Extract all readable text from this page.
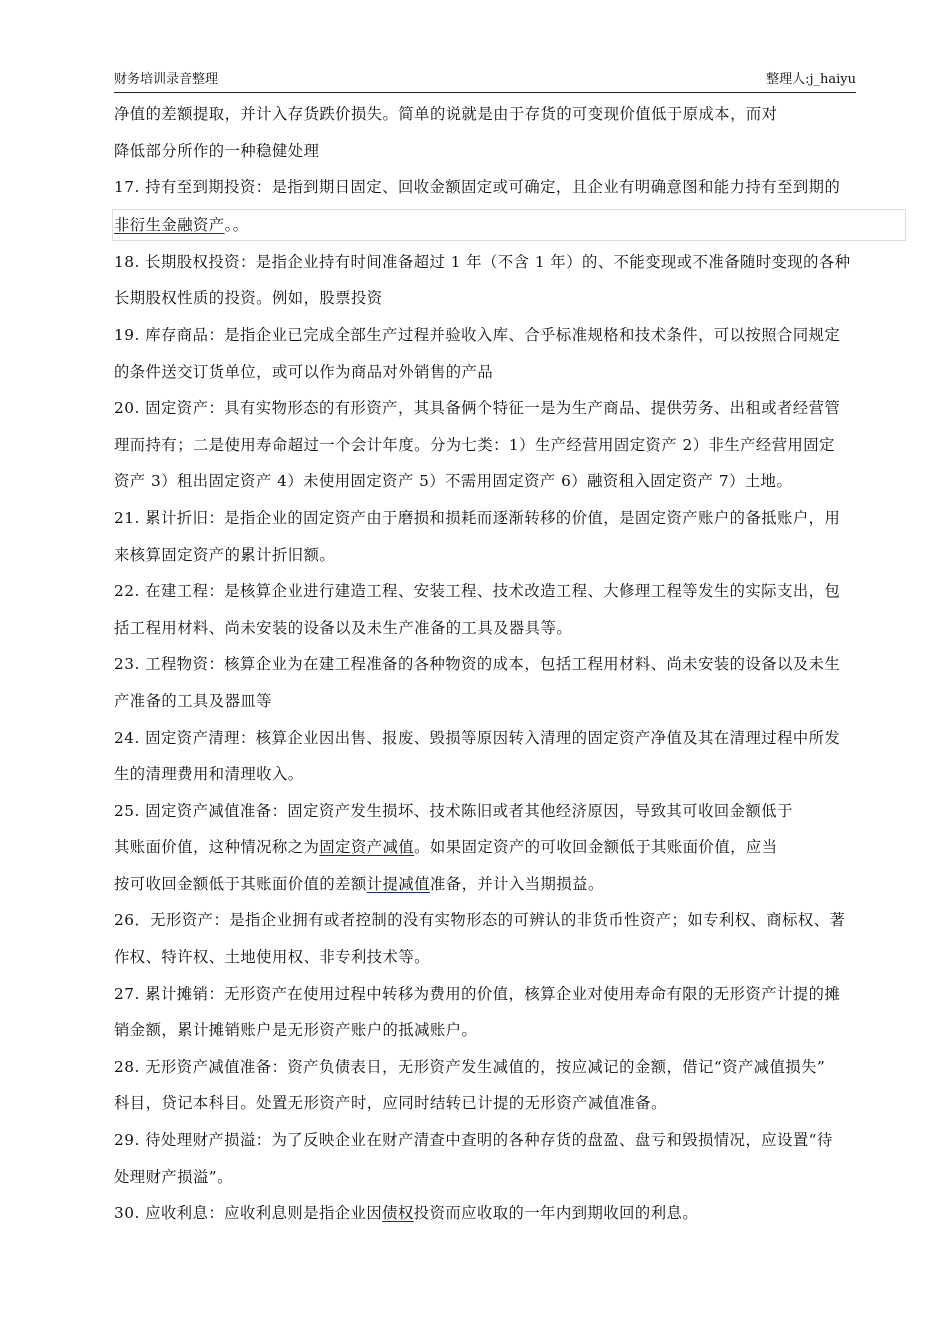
财务培训录音整理	整理人:j_haiyu
净值的差额提取，并计入存货跌价损失。简单的说就是由于存货的可变现价值低于原成本，而对
降低部分所作的一种稳健处理
17. 持有至到期投资：是指到期日固定、回收金额固定或可确定，且企业有明确意图和能力持有至到期的
非衍生金融资产。。
18. 长期股权投资：是指企业持有时间准备超过 1 年（不含 1 年）的、不能变现或不准备随时变现的各种
长期股权性质的投资。例如，股票投资
19. 库存商品：是指企业已完成全部生产过程并验收入库、合乎标准规格和技术条件，可以按照合同规定
的条件送交订货单位，或可以作为商品对外销售的产品
20. 固定资产：具有实物形态的有形资产，其具备俩个特征一是为生产商品、提供劳务、出租或者经营管
理而持有；二是使用寿命超过一个会计年度。分为七类：1）生产经营用固定资产 2）非生产经营用固定
资产 3）租出固定资产 4）未使用固定资产 5）不需用固定资产 6）融资租入固定资产 7）土地。
21. 累计折旧：是指企业的固定资产由于磨损和损耗而逐渐转移的价值，是固定资产账户的备抵账户，用
来核算固定资产的累计折旧额。
22. 在建工程：是核算企业进行建造工程、安装工程、技术改造工程、大修理工程等发生的实际支出，包
括工程用材料、尚未安装的设备以及未生产准备的工具及器具等。
23. 工程物资：核算企业为在建工程准备的各种物资的成本，包括工程用材料、尚未安装的设备以及未生
产准备的工具及器皿等
24. 固定资产清理：核算企业因出售、报废、毁损等原因转入清理的固定资产净值及其在清理过程中所发
生的清理费用和清理收入。
25. 固定资产减值准备：固定资产发生损坏、技术陈旧或者其他经济原因，导致其可收回金额低于
其账面价值，这种情况称之为固定资产减值。如果固定资产的可收回金额低于其账面价值，应当
按可收回金额低于其账面价值的差额计提减值准备，并计入当期损益。
26．无形资产：是指企业拥有或者控制的没有实物形态的可辨认的非货币性资产；如专利权、商标权、著
作权、特许权、土地使用权、非专利技术等。
27. 累计摊销：无形资产在使用过程中转移为费用的价值，核算企业对使用寿命有限的无形资产计提的摊
销金额，累计摊销账户是无形资产账户的抵减账户。
28. 无形资产减值准备：资产负债表日，无形资产发生减值的，按应减记的金额，借记“资产减值损失”
科目，贷记本科目。处置无形资产时，应同时结转已计提的无形资产减值准备。
29. 待处理财产损溢：为了反映企业在财产清查中查明的各种存货的盘盈、盘亏和毁损情况，应设置“待
处理财产损溢”。
30. 应收利息：应收利息则是指企业因债权投资而应收取的一年内到期收回的利息。
